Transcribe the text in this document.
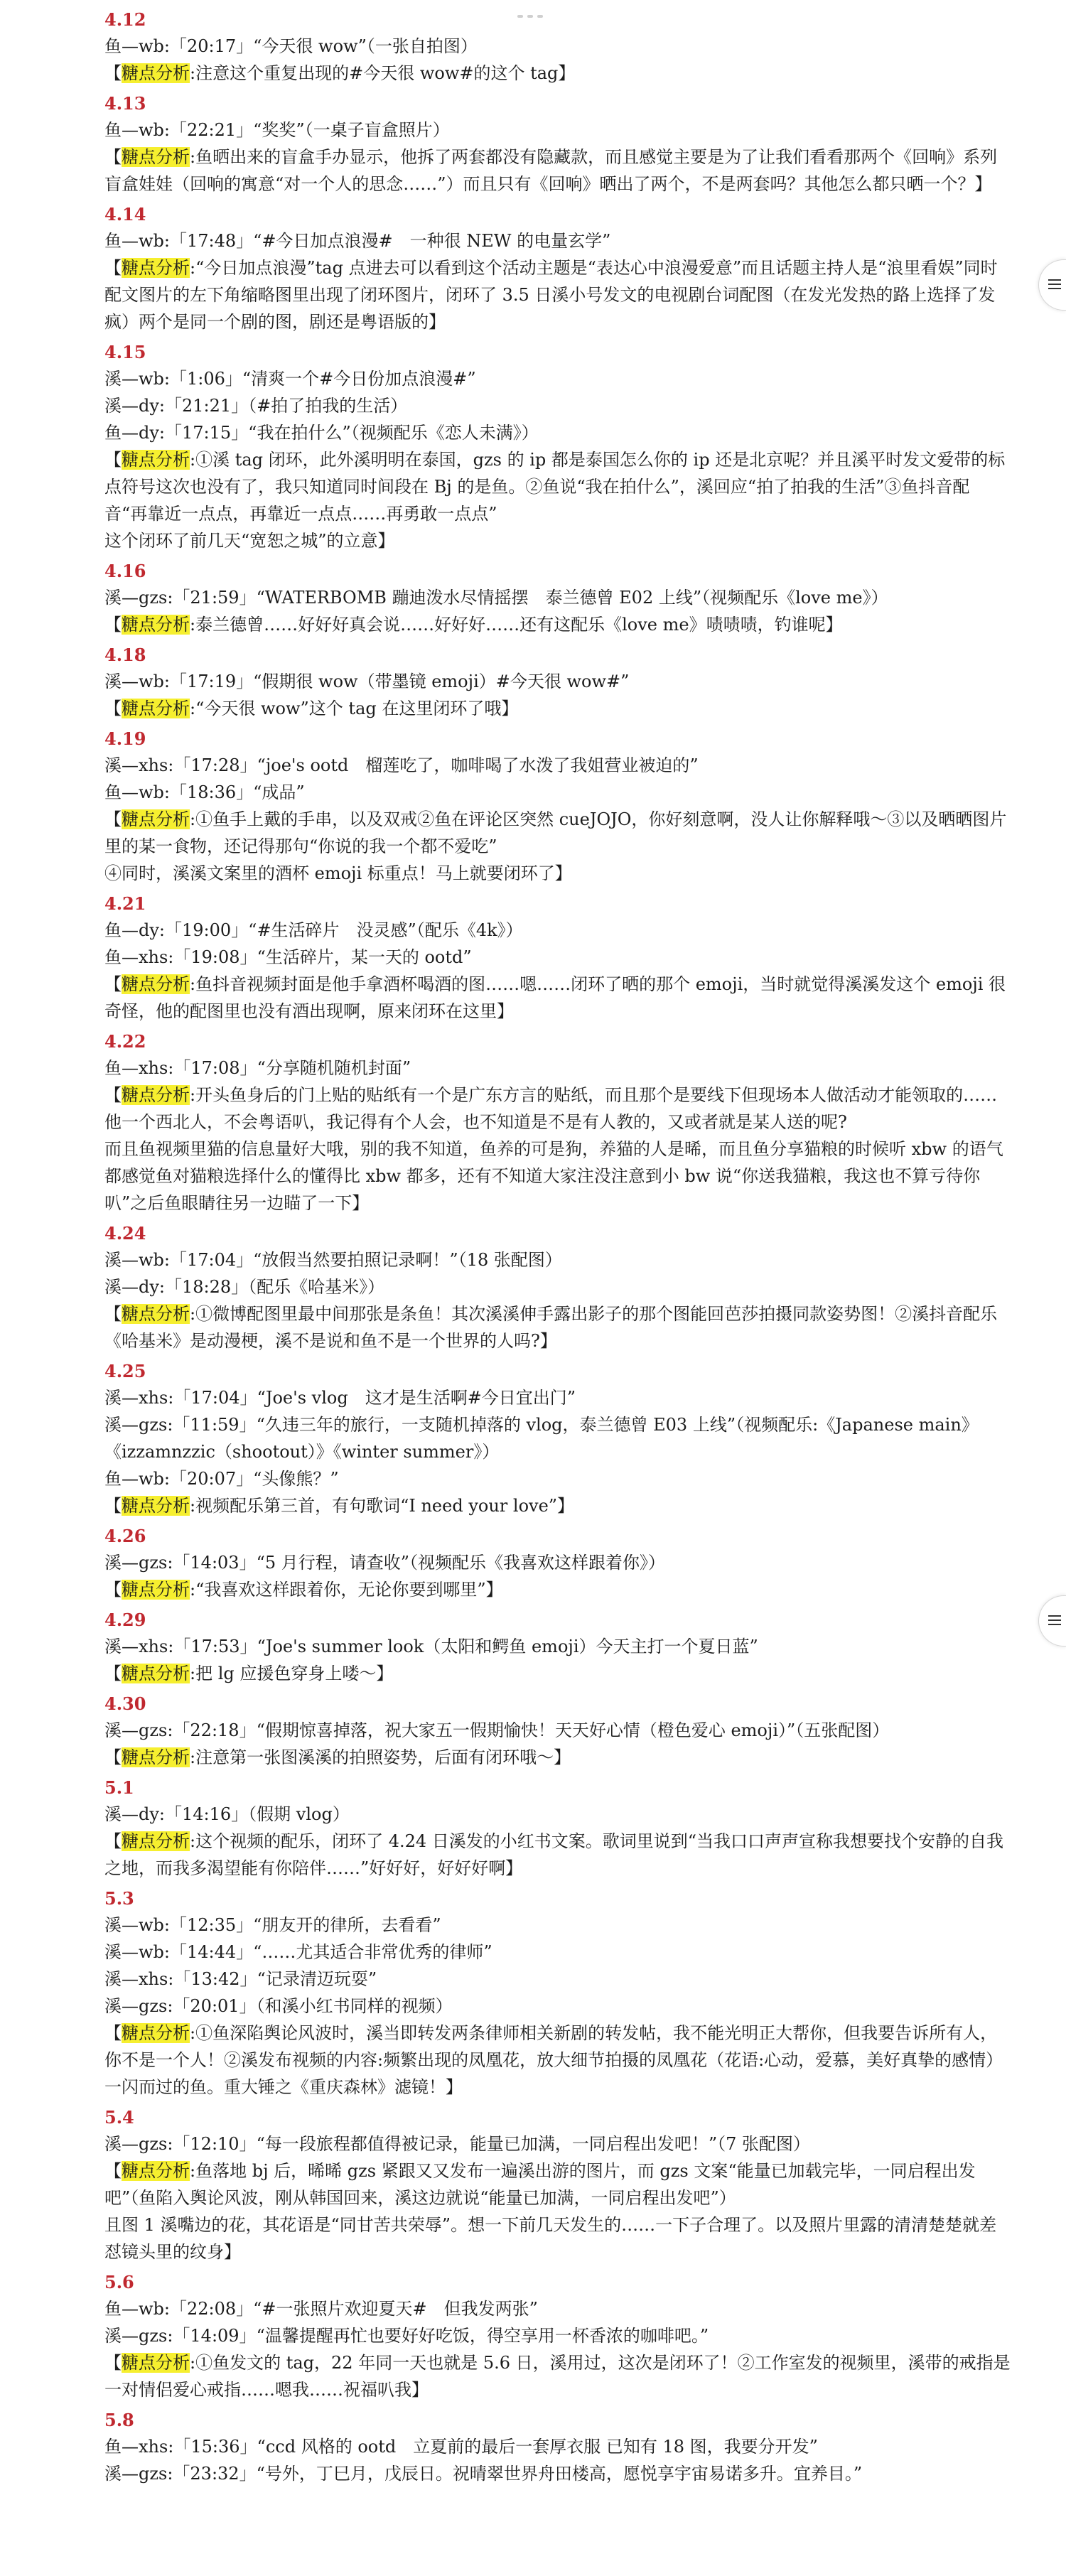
4.12
鱼—wb:「20:17」“今天很 wow”（一张自拍图）
【糖点分析:注意这个重复出现的#今天很 wow#的这个 tag】
4.13
鱼—wb:「22:21」“奖奖”（一桌子盲盒照片）
【糖点分析:鱼晒出来的盲盒手办显示，他拆了两套都没有隐藏款，而且感觉主要是为了让我们看看那两个《回响》系列盲盒娃娃（回响的寓意“对一个人的思念……”）而且只有《回响》晒出了两个，不是两套吗？其他怎么都只晒一个？】
4.14
鱼—wb:「17:48」“#今日加点浪漫#　一种很 NEW 的电量玄学”
【糖点分析:“今日加点浪漫”tag 点进去可以看到这个活动主题是“表达心中浪漫爱意”而且话题主持人是“浪里看娱”同时配文图片的左下角缩略图里出现了闭环图片，闭环了 3.5 日溪小号发文的电视剧台词配图（在发光发热的路上选择了发疯）两个是同一个剧的图，剧还是粤语版的】
4.15
溪—wb:「1:06」“清爽一个#今日份加点浪漫#”
溪—dy:「21:21」（#拍了拍我的生活）
鱼—dy:「17:15」“我在拍什么”（视频配乐《恋人未满》）
【糖点分析:①溪 tag 闭环，此外溪明明在泰国，gzs 的 ip 都是泰国怎么你的 ip 还是北京呢？并且溪平时发文爱带的标点符号这次也没有了，我只知道同时间段在 Bj 的是鱼。②鱼说“我在拍什么”，溪回应“拍了拍我的生活”③鱼抖音配音“再靠近一点点，再靠近一点点……再勇敢一点点”
这个闭环了前几天“宽恕之城”的立意】
4.16
溪—gzs:「21:59」“WATERBOMB 蹦迪泼水尽情摇摆　泰兰德曾 E02 上线”（视频配乐《love me》）
【糖点分析:泰兰德曾……好好好真会说……好好好……还有这配乐《love me》啧啧啧，钓谁呢】
4.18
溪—wb:「17:19」“假期很 wow（带墨镜 emoji）#今天很 wow#”
【糖点分析:“今天很 wow”这个 tag 在这里闭环了哦】
4.19
溪—xhs:「17:28」“joe's ootd　榴莲吃了，咖啡喝了水泼了我姐营业被迫的”
鱼—wb:「18:36」“成品”
【糖点分析:①鱼手上戴的手串，以及双戒②鱼在评论区突然 cueJOJO，你好刻意啊，没人让你解释哦～③以及晒晒图片里的某一食物，还记得那句“你说的我一个都不爱吃”
④同时，溪溪文案里的酒杯 emoji 标重点！马上就要闭环了】
4.21
鱼—dy:「19:00」“#生活碎片　没灵感”（配乐《4k》）
鱼—xhs:「19:08」“生活碎片，某一天的 ootd”
【糖点分析:鱼抖音视频封面是他手拿酒杯喝酒的图……嗯……闭环了晒的那个 emoji，当时就觉得溪溪发这个 emoji 很奇怪，他的配图里也没有酒出现啊，原来闭环在这里】
4.22
鱼—xhs:「17:08」“分享随机随机封面”
【糖点分析:开头鱼身后的门上贴的贴纸有一个是广东方言的贴纸，而且那个是要线下但现场本人做活动才能领取的……他一个西北人，不会粤语叭，我记得有个人会，也不知道是不是有人教的，又或者就是某人送的呢?
而且鱼视频里猫的信息量好大哦，别的我不知道，鱼养的可是狗，养猫的人是晞，而且鱼分享猫粮的时候听 xbw 的语气都感觉鱼对猫粮选择什么的懂得比 xbw 都多，还有不知道大家注没注意到小 bw 说“你送我猫粮，我这也不算亏待你叭”之后鱼眼睛往另一边瞄了一下】
4.24
溪—wb:「17:04」“放假当然要拍照记录啊！”（18 张配图）
溪—dy:「18:28」（配乐《哈基米》）
【糖点分析:①微博配图里最中间那张是条鱼！其次溪溪伸手露出影子的那个图能回芭莎拍摄同款姿势图！②溪抖音配乐《哈基米》是动漫梗，溪不是说和鱼不是一个世界的人吗?】
4.25
溪—xhs:「17:04」“Joe's vlog　这才是生活啊#今日宜出门”
溪—gzs:「11:59」“久违三年的旅行，一支随机掉落的 vlog，泰兰德曾 E03 上线”（视频配乐:《Japanese main》《izzamnzzic（shootout）》《winter summer》）
鱼—wb:「20:07」“头像熊？”
【糖点分析:视频配乐第三首，有句歌词“I need your love”】
4.26
溪—gzs:「14:03」“5 月行程，请查收”（视频配乐《我喜欢这样跟着你》）
【糖点分析:“我喜欢这样跟着你，无论你要到哪里”】
4.29
溪—xhs:「17:53」“Joe's summer look（太阳和鳄鱼 emoji）今天主打一个夏日蓝”
【糖点分析:把 lg 应援色穿身上喽～】
4.30
溪—gzs:「22:18」“假期惊喜掉落，祝大家五一假期愉快！天天好心情（橙色爱心 emoji）”（五张配图）
【糖点分析:注意第一张图溪溪的拍照姿势，后面有闭环哦～】
5.1
溪—dy:「14:16」（假期 vlog）
【糖点分析:这个视频的配乐，闭环了 4.24 日溪发的小红书文案。歌词里说到“当我口口声声宣称我想要找个安静的自我之地，而我多渴望能有你陪伴……”好好好，好好好啊】
5.3
溪—wb:「12:35」“朋友开的律所，去看看”
溪—wb:「14:44」“……尤其适合非常优秀的律师”
溪—xhs:「13:42」“记录清迈玩耍”
溪—gzs:「20:01」（和溪小红书同样的视频）
【糖点分析:①鱼深陷舆论风波时，溪当即转发两条律师相关新剧的转发帖，我不能光明正大帮你，但我要告诉所有人，你不是一个人！②溪发布视频的内容:频繁出现的凤凰花，放大细节拍摄的凤凰花（花语:心动，爱慕，美好真挚的感情）一闪而过的鱼。重大锤之《重庆森林》滤镜！】
5.4
溪—gzs:「12:10」“每一段旅程都值得被记录，能量已加满，一同启程出发吧！”（7 张配图）
【糖点分析:鱼落地 bj 后，晞晞 gzs 紧跟又又发布一遍溪出游的图片，而 gzs 文案“能量已加载完毕，一同启程出发吧”（鱼陷入舆论风波，刚从韩国回来，溪这边就说“能量已加满，一同启程出发吧”）
且图 1 溪嘴边的花，其花语是“同甘苦共荣辱”。想一下前几天发生的……一下子合理了。以及照片里露的清清楚楚就差怼镜头里的纹身】
5.6
鱼—wb:「22:08」“#一张照片欢迎夏天#　但我发两张”
溪—gzs:「14:09」“温馨提醒再忙也要好好吃饭，得空享用一杯香浓的咖啡吧。”
【糖点分析:①鱼发文的 tag，22 年同一天也就是 5.6 日，溪用过，这次是闭环了！②工作室发的视频里，溪带的戒指是一对情侣爱心戒指……嗯我……祝福叭我】
5.8
鱼—xhs:「15:36」“ccd 风格的 ootd　立夏前的最后一套厚衣服 已知有 18 图，我要分开发”
溪—gzs:「23:32」“号外，丁巳月，戊辰日。祝晴翠世界舟田楼高，愿悦享宇宙易诺多升。宜养目。”
